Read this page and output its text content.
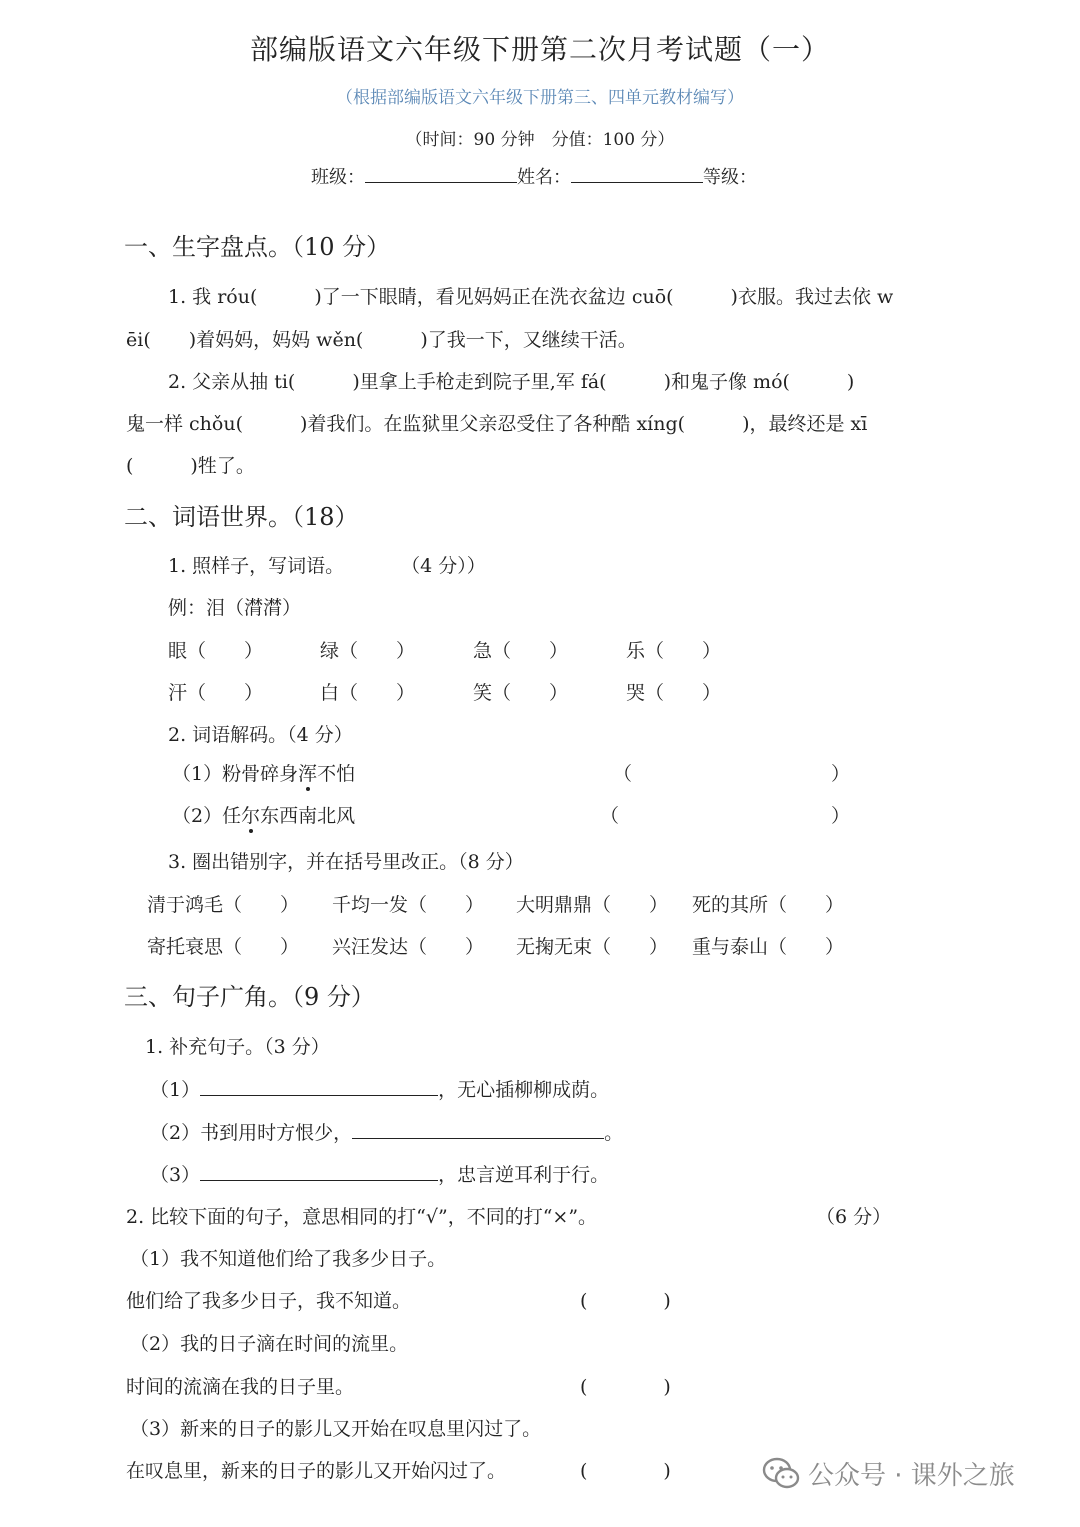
部编版语文六年级下册第二次月考试题（一）
（根据部编版语文六年级下册第三、四单元教材编写）
（时间：90 分钟　分值：100 分）
班级：	姓名：	等级：
一、生字盘点。（10 分）
1. 我 róu(　　　)了一下眼睛，看见妈妈正在洗衣盆边 cuō(　　　)衣服。我过去依 w
ēi(　　)着妈妈，妈妈 wěn(　　　)了我一下，又继续干活。
2. 父亲从抽 ti(　　　)里拿上手枪走到院子里,军 fá(　　　)和鬼子像 mó(　　　)
鬼一样 chǒu(　　　)着我们。在监狱里父亲忍受住了各种酷 xíng(　　　)，最终还是 xī
(　　　)牲了。
二、词语世界。（18）
1. 照样子，写词语。　　　　（4 分））
例：泪（潸潸）
眼（　　）	绿（　　）	急（　　）	乐（　　）
汗（　　）	白（　　）	笑（　　）	哭（　　）
2. 词语解码。（4 分）
（1）粉骨碎身浑不怕	（	）
（2）任尔东西南北风	（	）
3. 圈出错别字，并在括号里改正。（8 分）
清于鸿毛（　　） 千均一发（　　） 大明鼎鼎（　　） 死的其所（　　）
寄托衰思（　　） 兴汪发达（　　） 无掬无束（　　） 重与泰山（　　）
三、句子广角。（9 分）
1. 补充句子。（3 分）
（1）	，无心插柳柳成荫。
（2）书到用时方恨少，	。
（3）	，忠言逆耳利于行。
2. 比较下面的句子，意思相同的打“√”，不同的打“×”。	（6 分）
（1）我不知道他们给了我多少日子。
他们给了我多少日子，我不知道。	(　　　　)
（2）我的日子滴在时间的流里。
时间的流滴在我的日子里。	(　　　　)
（3）新来的日子的影儿又开始在叹息里闪过了。
在叹息里，新来的日子的影儿又开始闪过了。	(　　　　)	公众号 · 课外之旅
